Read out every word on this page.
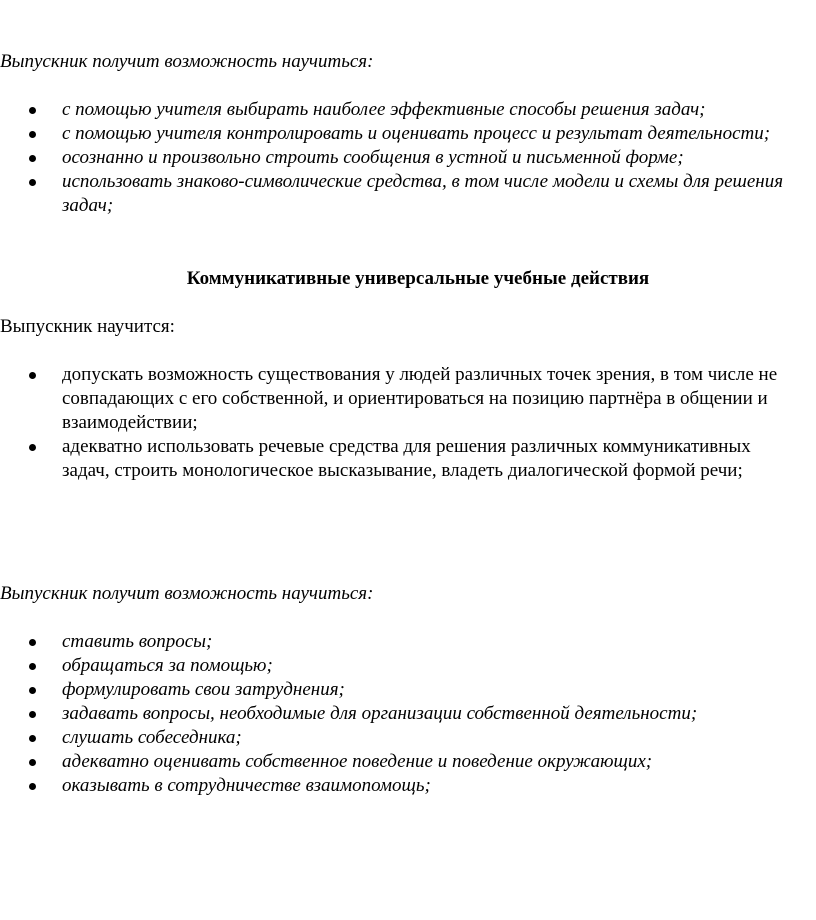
Выпускник получит возможность научиться:

с помощью учителя выбирать наиболее эффективные способы решения задач;
с помощью учителя контролировать и оценивать процесс и результат деятельности;
осознанно и произвольно строить сообщения в устной и письменной форме;
использовать знаково-символические средства, в том числе модели и схемы для решения задач;

Коммуникативные универсальные учебные действия

Выпускник научится:

допускать возможность существования у людей различных точек зрения, в том числе не совпадающих с его собственной, и ориентироваться на позицию партнёра в общении и взаимодействии;
адекватно использовать речевые средства для решения различных коммуникативных задач, строить монологическое высказывание, владеть диалогической формой речи;

Выпускник получит возможность научиться:

ставить вопросы;
обращаться за помощью;
формулировать свои затруднения;
задавать вопросы, необходимые для организации собственной деятельности;
слушать собеседника;
адекватно оценивать собственное поведение и поведение окружающих;
оказывать в сотрудничестве взаимопомощь;
